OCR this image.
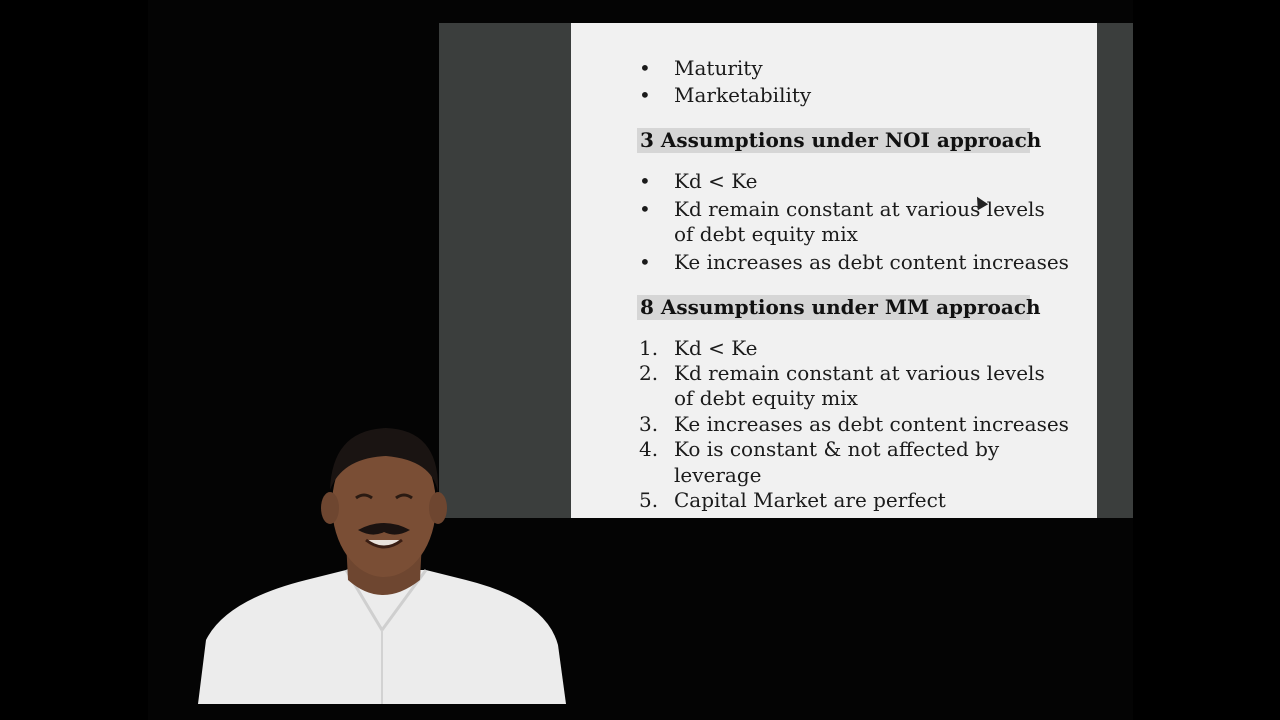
• Maturity
• Marketability
3 Assumptions under NOI approach
• Kd < Ke
• Kd remain constant at various levels
of debt equity mix
• Ke increases as debt content increases
8 Assumptions under MM approach
1. Kd < Ke
2. Kd remain constant at various levels
of debt equity mix
3. Ke increases as debt content increases
4. Ko is constant & not affected by
leverage
5. Capital Market are perfect
